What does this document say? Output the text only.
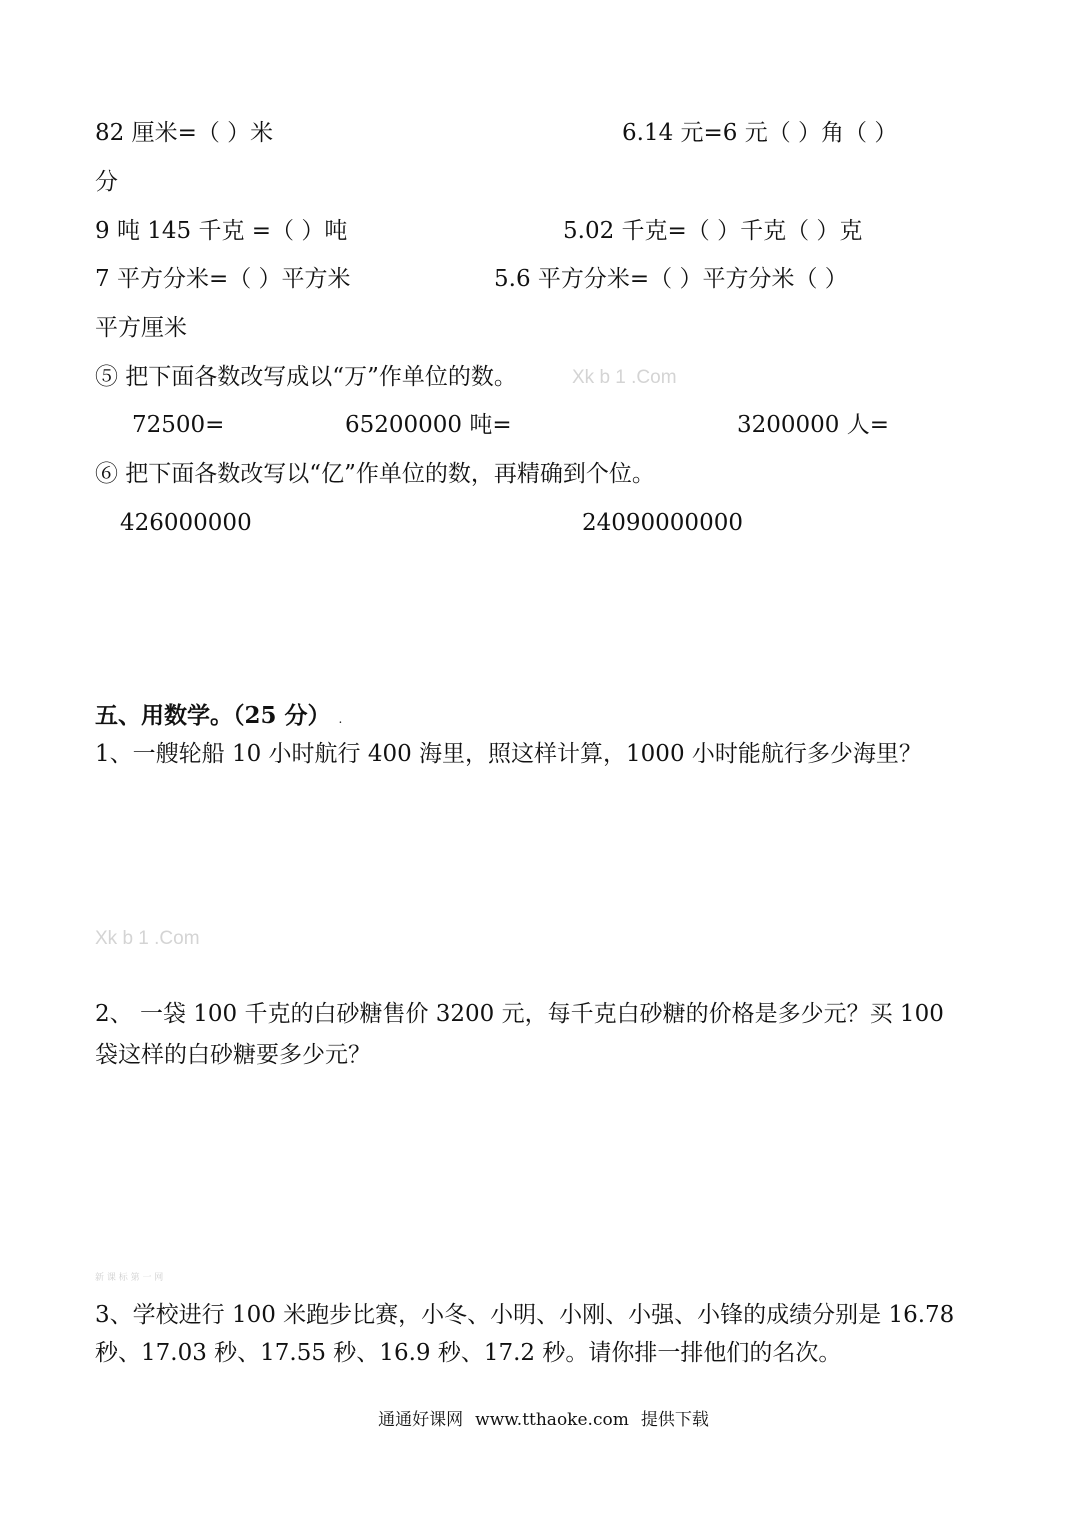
82 厘米=（ ）米	6.14 元=6 元（ ）角（ ）
分
9 吨 145 千克 =（ ）吨	5.02 千克=（ ）千克（ ）克
7 平方分米=（ ）平方米	5.6 平方分米=（ ）平方分米（ ）
平方厘米
⑤ 把下面各数改写成以“万”作单位的数。	Xk b 1 .Com
72500=	65200000 吨=	3200000 人=
⑥ 把下面各数改写以“亿”作单位的数，再精确到个位。
426000000	24090000000
五、用数学。（25 分） .
1、一艘轮船 10 小时航行 400 海里，照这样计算，1000 小时能航行多少海里？
Xk b 1 .Com
2、 一袋 100 千克的白砂糖售价 3200 元，每千克白砂糖的价格是多少元？买 100
袋这样的白砂糖要多少元？
新 课 标 第 一 网
3、学校进行 100 米跑步比赛，小冬、小明、小刚、小强、小锋的成绩分别是 16.78
秒、17.03 秒、17.55 秒、16.9 秒、17.2 秒。请你排一排他们的名次。
通通好课网 www.tthaoke.com 提供下载
